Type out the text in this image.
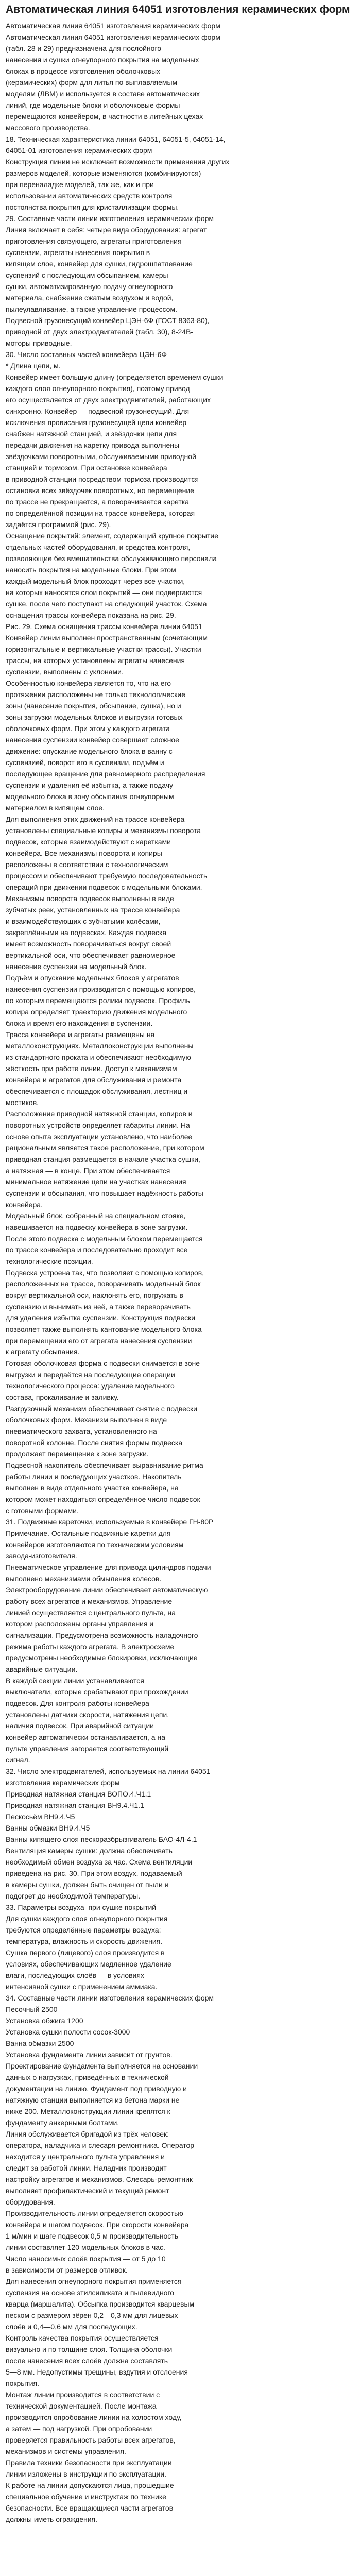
Автоматическая линия 64051 изготовления керамических форм

Автоматическая линия 64051 изготовления керамических форм
Автоматическая линия 64051 изготовления керамических форм
(табл. 28 и 29) предназначена для послойного
нанесения и сушки огнеупорного покрытия на модельных
блоках в процессе изготовления оболочковых
(керамических) форм для литья по выплавляемым
моделям (ЛВМ) и используется в составе автоматических
линий, где модельные блоки и оболочковые формы
перемещаются конвейером, в частности в литейных цехах
массового производства.

18. Техническая характеристика линии 64051, 64051-5, 64051-14,
64051-01 изготовления керамических форм

Конструкция линии не исключает возможности применения других
размеров моделей, которые изменяются (комбинируются)
при переналадке моделей, так же, как и при
использовании автоматических средств контроля
постоянства покрытия для кристаллизации формы.

29. Составные части линии изготовления керамических форм

Линия включает в себя: четыре вида оборудования: агрегат
приготовления связующего, агрегаты приготовления
суспензии, агрегаты нанесения покрытия в
кипящем слое, конвейер для сушки, гидрошпатлевание
суспензий с последующим обсыпанием, камеры
сушки, автоматизированную подачу огнеупорного
материала, снабжение сжатым воздухом и водой,
пылеулавливание, а также управление процессом.

Подвесной грузонесущий конвейер ЦЭН-6Ф (ГОСТ 8363-80),
приводной от двух электродвигателей (табл. 30), 8-24В-
моторы приводные.

30. Число составных частей конвейера ЦЭН-6Ф

* Длина цепи, м.

Конвейер имеет большую длину (определяется временем сушки
каждого слоя огнеупорного покрытия), поэтому привод
его осуществляется от двух электродвигателей, работающих
синхронно. Конвейер — подвесной грузонесущий. Для
исключения провисания грузонесущей цепи конвейер
снабжен натяжной станцией, и звёздочки цепи для
передачи движения на каретку привода выполнены
звёздочками поворотными, обслуживаемыми приводной
станцией и тормозом. При остановке конвейера
в приводной станции посредством тормоза производится
остановка всех звёздочек поворотных, но перемещение
по трассе не прекращается, а поворачивается каретка
по определённой позиции на трассе конвейера, которая
задаётся программой (рис. 29).

Оснащение покрытий: элемент, содержащий крупное покрытие
отдельных частей оборудования, и средства контроля,
позволяющие без вмешательства обслуживающего персонала
наносить покрытия на модельные блоки. При этом
каждый модельный блок проходит через все участки,
на которых наносятся слои покрытий — они подвергаются
сушке, после чего поступают на следующий участок. Схема
оснащения трассы конвейера показана на рис. 29.

Рис. 29. Схема оснащения трассы конвейера линии 64051

Конвейер линии выполнен пространственным (сочетающим
горизонтальные и вертикальные участки трассы). Участки
трассы, на которых установлены агрегаты нанесения
суспензии, выполнены с уклонами.

Особенностью конвейера является то, что на его
протяжении расположены не только технологические
зоны (нанесение покрытия, обсыпание, сушка), но и
зоны загрузки модельных блоков и выгрузки готовых
оболочковых форм. При этом у каждого агрегата
нанесения суспензии конвейер совершает сложное
движение: опускание модельного блока в ванну с
суспензией, поворот его в суспензии, подъём и
последующее вращение для равномерного распределения
суспензии и удаления её избытка, а также подачу
модельного блока в зону обсыпания огнеупорным
материалом в кипящем слое.

Для выполнения этих движений на трассе конвейера
установлены специальные копиры и механизмы поворота
подвесок, которые взаимодействуют с каретками
конвейера. Все механизмы поворота и копиры
расположены в соответствии с технологическим
процессом и обеспечивают требуемую последовательность
операций при движении подвесок с модельными блоками.

Механизмы поворота подвесок выполнены в виде
зубчатых реек, установленных на трассе конвейера
и взаимодействующих с зубчатыми колёсами,
закреплёнными на подвесках. Каждая подвеска
имеет возможность поворачиваться вокруг своей
вертикальной оси, что обеспечивает равномерное
нанесение суспензии на модельный блок.

Подъём и опускание модельных блоков у агрегатов
нанесения суспензии производится с помощью копиров,
по которым перемещаются ролики подвесок. Профиль
копира определяет траекторию движения модельного
блока и время его нахождения в суспензии.

Трасса конвейера и агрегаты размещены на
металлоконструкциях. Металлоконструкции выполнены
из стандартного проката и обеспечивают необходимую
жёсткость при работе линии. Доступ к механизмам
конвейера и агрегатов для обслуживания и ремонта
обеспечивается с площадок обслуживания, лестниц и
мостиков.

Расположение приводной натяжной станции, копиров и
поворотных устройств определяет габариты линии. На
основе опыта эксплуатации установлено, что наиболее
рациональным является такое расположение, при котором
приводная станция размещается в начале участка сушки,
а натяжная — в конце. При этом обеспечивается
минимальное натяжение цепи на участках нанесения
суспензии и обсыпания, что повышает надёжность работы
конвейера.

Модельный блок, собранный на специальном стояке,
навешивается на подвеску конвейера в зоне загрузки.
После этого подвеска с модельным блоком перемещается
по трассе конвейера и последовательно проходит все
технологические позиции.

Подвеска устроена так, что позволяет с помощью копиров,
расположенных на трассе, поворачивать модельный блок
вокруг вертикальной оси, наклонять его, погружать в
суспензию и вынимать из неё, а также переворачивать
для удаления избытка суспензии. Конструкция подвески
позволяет также выполнять кантование модельного блока
при перемещении его от агрегата нанесения суспензии
к агрегату обсыпания.

Готовая оболочковая форма с подвески снимается в зоне
выгрузки и передаётся на последующие операции
технологического процесса: удаление модельного
состава, прокаливание и заливку.

Разгрузочный механизм обеспечивает снятие с подвески
оболочковых форм. Механизм выполнен в виде
пневматического захвата, установленного на
поворотной колонне. После снятия формы подвеска
продолжает перемещение к зоне загрузки.

Подвесной накопитель обеспечивает выравнивание ритма
работы линии и последующих участков. Накопитель
выполнен в виде отдельного участка конвейера, на
котором может находиться определённое число подвесок
с готовыми формами.

31. Подвижные кареточки, используемые в конвейере ГН-80Р

Примечание. Остальные подвижные каретки для
конвейеров изготовляются по техническим условиям
завода-изготовителя.

Пневматическое управление для привода цилиндров подачи
выполнено механизмами обмыления колесов.

Электрооборудование линии обеспечивает автоматическую
работу всех агрегатов и механизмов. Управление
линией осуществляется с центрального пульта, на
котором расположены органы управления и
сигнализации. Предусмотрена возможность наладочного
режима работы каждого агрегата. В электросхеме
предусмотрены необходимые блокировки, исключающие
аварийные ситуации.

В каждой секции линии устанавливаются
выключатели, которые срабатывают при прохождении
подвесок. Для контроля работы конвейера
установлены датчики скорости, натяжения цепи,
наличия подвесок. При аварийной ситуации
конвейер автоматически останавливается, а на
пульте управления загорается соответствующий
сигнал.

32. Число электродвигателей, используемых на линии 64051
изготовления керамических форм

Приводная натяжная станция ВОПО.4.Ч1.1

Приводная натяжная станция ВН9.4.Ч1.1

Пескосьём ВН9.4.Ч5

Ванны обмазки ВН9.4.Ч5

Ванны кипящего слоя пескоразбрызгиватель БАО-4Л-4.1

Вентиляция камеры сушки: должна обеспечивать
необходимый обмен воздуха за час. Схема вентиляции
приведена на рис. 30. При этом воздух, подаваемый
в камеры сушки, должен быть очищен от пыли и
подогрет до необходимой температуры.

33. Параметры воздуха  при сушке покрытий

Для сушки каждого слоя огнеупорного покрытия
требуются определённые параметры воздуха:
температура, влажность и скорость движения.
Сушка первого (лицевого) слоя производится в
условиях, обеспечивающих медленное удаление
влаги, последующих слоёв — в условиях
интенсивной сушки с применением аммиака.

34. Составные части линии изготовления керамических форм

Песочный 2500

Установка обжига 1200

Установка сушки полости сосок-3000

Ванна обмазки 2500

Установка фундамента линии зависит от грунтов.
Проектирование фундамента выполняется на основании
данных о нагрузках, приведённых в технической
документации на линию. Фундамент под приводную и
натяжную станции выполняется из бетона марки не
ниже 200. Металлоконструкции линии крепятся к
фундаменту анкерными болтами.

Линия обслуживается бригадой из трёх человек:
оператора, наладчика и слесаря-ремонтника. Оператор
находится у центрального пульта управления и
следит за работой линии. Наладчик производит
настройку агрегатов и механизмов. Слесарь-ремонтник
выполняет профилактический и текущий ремонт
оборудования.

Производительность линии определяется скоростью
конвейера и шагом подвесок. При скорости конвейера
1 м/мин и шаге подвесок 0,5 м производительность
линии составляет 120 модельных блоков в час.
Число наносимых слоёв покрытия — от 5 до 10
в зависимости от размеров отливок.

Для нанесения огнеупорного покрытия применяется
суспензия на основе этилсиликата и пылевидного
кварца (маршалита). Обсыпка производится кварцевым
песком с размером зёрен 0,2—0,3 мм для лицевых
слоёв и 0,4—0,6 мм для последующих.

Контроль качества покрытия осуществляется
визуально и по толщине слоя. Толщина оболочки
после нанесения всех слоёв должна составлять
5—8 мм. Недопустимы трещины, вздутия и отслоения
покрытия.

Монтаж линии производится в соответствии с
технической документацией. После монтажа
производится опробование линии на холостом ходу,
а затем — под нагрузкой. При опробовании
проверяется правильность работы всех агрегатов,
механизмов и системы управления.

Правила техники безопасности при эксплуатации
линии изложены в инструкции по эксплуатации.
К работе на линии допускаются лица, прошедшие
специальное обучение и инструктаж по технике
безопасности. Все вращающиеся части агрегатов
должны иметь ограждения.
